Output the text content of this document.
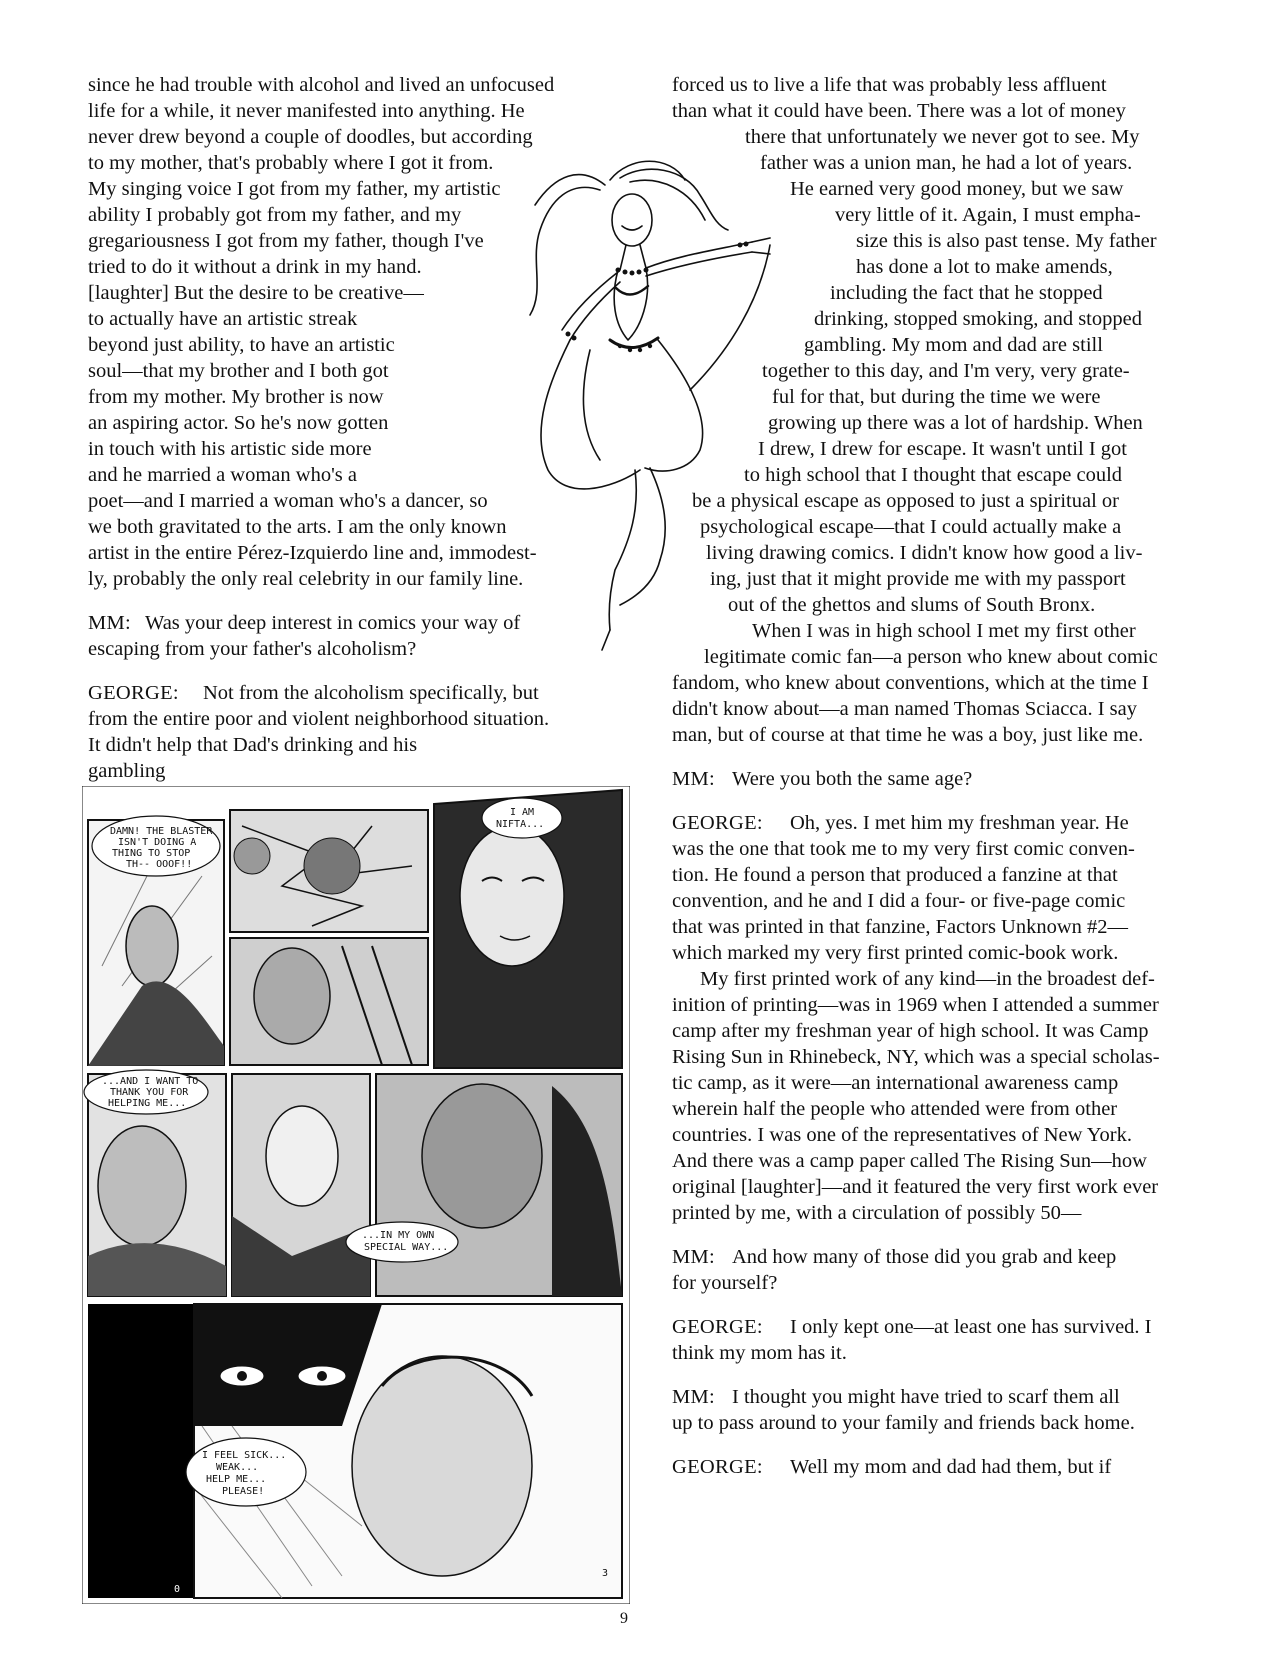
since he had trouble with alcohol and lived an unfocused
life for a while, it never manifested into anything. He
never drew beyond a couple of doodles, but according
to my mother, that's probably where I got it from.
My singing voice I got from my father, my artistic
ability I probably got from my father, and my
gregariousness I got from my father, though I've
tried to do it without a drink in my hand.
[laughter] But the desire to be creative—
to actually have an artistic streak
beyond just ability, to have an artistic
soul—that my brother and I both got
from my mother. My brother is now
an aspiring actor. So he's now gotten
in touch with his artistic side more
and he married a woman who's a
poet—and I married a woman who's a dancer, so
we both gravitated to the arts. I am the only known
artist in the entire Pérez-Izquierdo line and, immodest-
ly, probably the only real celebrity in our family line.
MM: Was your deep interest in comics your way of
escaping from your father's alcoholism?
GEORGE: Not from the alcoholism specifically, but
from the entire poor and violent neighborhood situation.
It didn't help that Dad's drinking and his
gambling
forced us to live a life that was probably less affluent
than what it could have been. There was a lot of money
there that unfortunately we never got to see. My
father was a union man, he had a lot of years.
He earned very good money, but we saw
very little of it. Again, I must empha-
size this is also past tense. My father
has done a lot to make amends,
including the fact that he stopped
drinking, stopped smoking, and stopped
gambling. My mom and dad are still
together to this day, and I'm very, very grate-
ful for that, but during the time we were
growing up there was a lot of hardship. When
I drew, I drew for escape. It wasn't until I got
to high school that I thought that escape could
be a physical escape as opposed to just a spiritual or
psychological escape—that I could actually make a
living drawing comics. I didn't know how good a liv-
ing, just that it might provide me with my passport
out of the ghettos and slums of South Bronx.
When I was in high school I met my first other
legitimate comic fan—a person who knew about comic
fandom, who knew about conventions, which at the time I
didn't know about—a man named Thomas Sciacca. I say
man, but of course at that time he was a boy, just like me.
MM: Were you both the same age?
GEORGE: Oh, yes. I met him my freshman year. He
was the one that took me to my very first comic conven-
tion. He found a person that produced a fanzine at that
convention, and he and I did a four- or five-page comic
that was printed in that fanzine, Factors Unknown #2—
which marked my very first printed comic-book work.
My first printed work of any kind—in the broadest def-
inition of printing—was in 1969 when I attended a summer
camp after my freshman year of high school. It was Camp
Rising Sun in Rhinebeck, NY, which was a special scholas-
tic camp, as it were—an international awareness camp
wherein half the people who attended were from other
countries. I was one of the representatives of New York.
And there was a camp paper called The Rising Sun—how
original [laughter]—and it featured the very first work ever
printed by me, with a circulation of possibly 50—
MM: And how many of those did you grab and keep
for yourself?
GEORGE: I only kept one—at least one has survived. I
think my mom has it.
MM: I thought you might have tried to scarf them all
up to pass around to your family and friends back home.
GEORGE: Well my mom and dad had them, but if
DAMN! THE BLASTER
ISN'T DOING A
THING TO STOP
TH-- OOOF!!
I AM
NIFTA...
...AND I WANT TO
THANK YOU FOR
HELPING ME...
...IN MY OWN
SPECIAL WAY...
I FEEL SICK...
WEAK...
HELP ME...
PLEASE!
0
3
9
